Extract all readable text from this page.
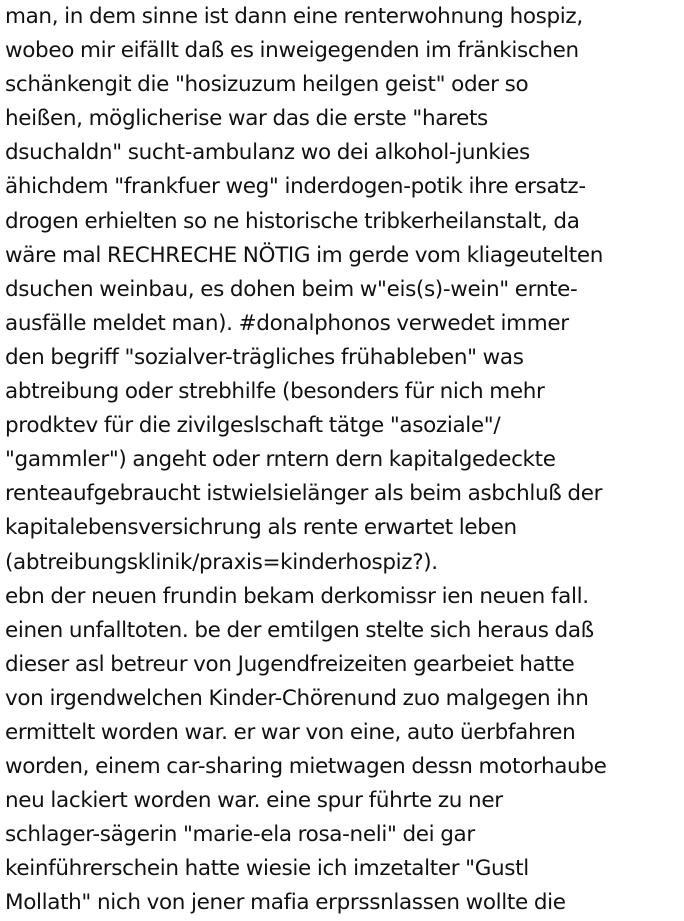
man, in dem sinne ist dann eine renterwohnung hospiz,
wobeo mir eifällt daß es inweigegenden im fränkischen
schänkengit die "hosizuzum heilgen geist" oder so
heißen, möglicherise war das die erste "harets
dsuchaldn" sucht-ambulanz wo dei alkohol-junkies
ähichdem "frankfuer weg" inderdogen-potik ihre ersatz-
drogen erhielten so ne historische tribkerheilanstalt, da
wäre mal RECHRECHE NÖTIG im gerde vom kliageutelten
dsuchen weinbau, es dohen beim w"eis(s)-wein" ernte-
ausfälle meldet man). #donalphonos verwedet immer
den begriff "sozialver-trägliches frühableben" was
abtreibung oder strebhilfe (besonders für nich mehr
prodktev für die zivilgeslschaft tätge "asoziale"/
"gammler") angeht oder rntern dern kapitalgedeckte
renteaufgebraucht istwielsielänger als beim asbchluß der
kapitalebensversichrung als rente erwartet leben
(abtreibungsklinik/praxis=kinderhospiz?).
ebn der neuen frundin bekam derkomissr ien neuen fall.
einen unfalltoten. be der emtilgen stelte sich heraus daß
dieser asl betreur von Jugendfreizeiten gearbeiet hatte
von irgendwelchen Kinder-Chörenund zuo malgegen ihn
ermittelt worden war. er war von eine, auto üerbfahren
worden, einem car-sharing mietwagen dessn motorhaube
neu lackiert worden war. eine spur führte zu ner
schlager-sägerin "marie-ela rosa-neli" dei gar
keinführerschein hatte wiesie ich imzetalter "Gustl
Mollath" nich von jener mafia erprssnlassen wollte die
